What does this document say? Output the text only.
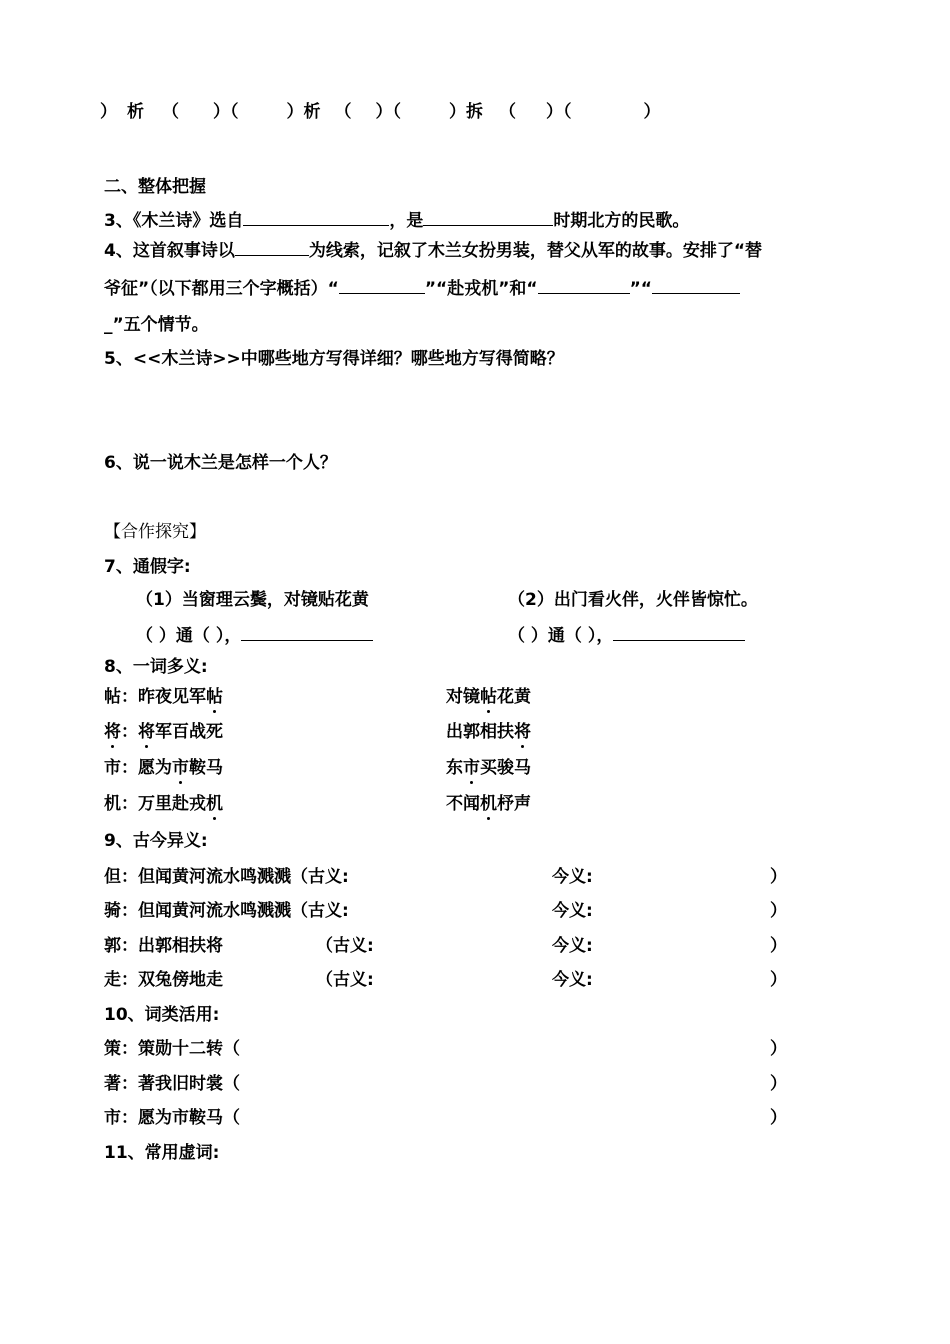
） 析 （ ）（	）析 （ ）（	）拆 （ ）（	）
二、整体把握
3、《木兰诗》选自	，是	时期北方的民歌。
4、这首叙事诗以	为线索，记叙了木兰女扮男装，替父从军的故事。安排了“替
爷征”（以下都用三个字概括）“	”“赴戎机”和“	”“
_”五个情节。
5、<<木兰诗>>中哪些地方写得详细？哪些地方写得简略？
6、说一说木兰是怎样一个人？
【合作探究】
7、通假字:
（1）当窗理云鬓，对镜贴花黄	（2）出门看火伴，火伴皆惊忙。
（ ）通（ ），	（ ）通（ ），
8、一词多义:
帖：昨夜见军帖	对镜帖花黄
将：将军百战死	出郭相扶将
市：愿为市鞍马	东市买骏马
机：万里赴戎机	不闻机杼声
9、古今异义:
但：但闻黄河流水鸣溅溅（古义:	今义:	）
骑：但闻黄河流水鸣溅溅（古义:	今义:	）
郭：出郭相扶将	（古义:	今义:	）
走：双兔傍地走	（古义:	今义:	）
10、词类活用:
策：策勋十二转（	）
著：著我旧时裳（	）
市：愿为市鞍马（	）
11、常用虚词:
